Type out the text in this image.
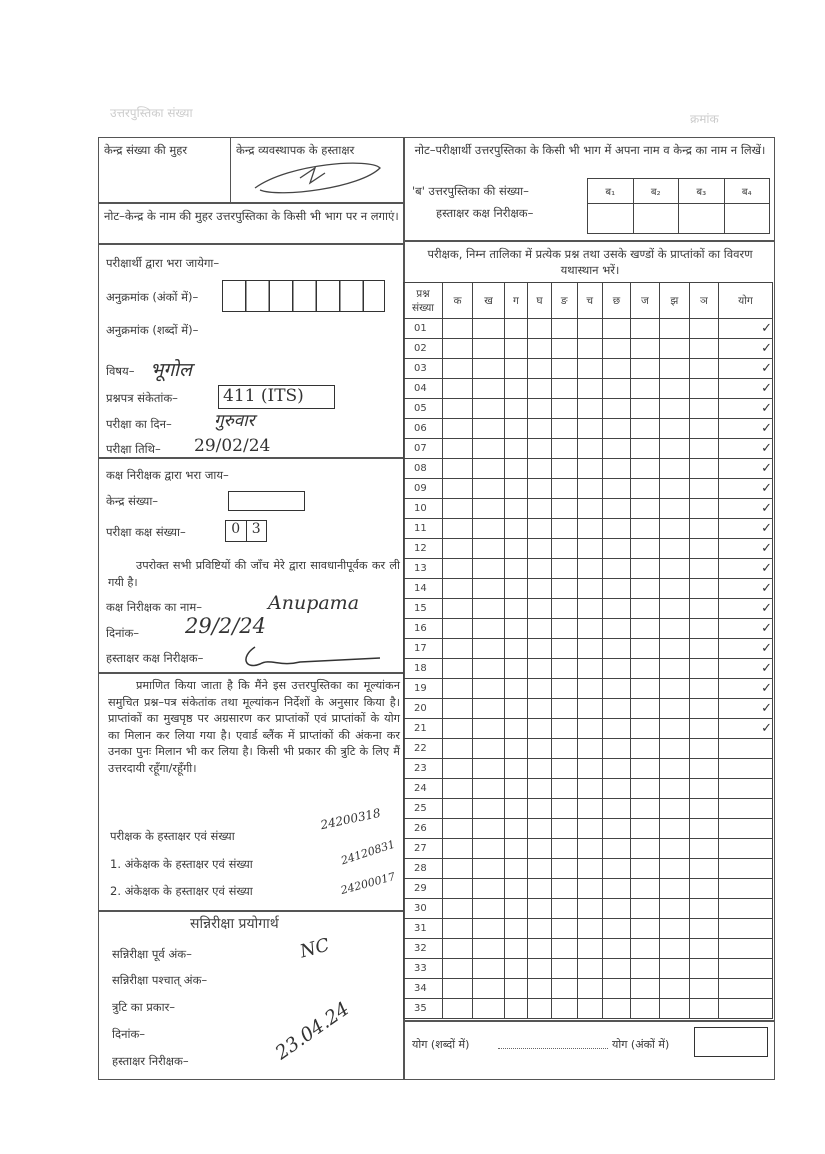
उत्तरपुस्तिका संख्या	क्रमांक
केन्द्र संख्या की मुहर	केन्द्र व्यवस्थापक के हस्ताक्षर
नोट–केन्द्र के नाम की मुहर उत्तरपुस्तिका के किसी भी भाग पर न लगाएं।
परीक्षार्थी द्वारा भरा जायेगा–
अनुक्रमांक (अंकों में)–
अनुक्रमांक (शब्दों में)–
विषय– भूगोल
प्रश्नपत्र संकेतांक–	411 (ITS)
परीक्षा का दिन– गुरुवार
परीक्षा तिथि– 29/02/24
कक्ष निरीक्षक द्वारा भरा जाय–
केन्द्र संख्या–
परीक्षा कक्ष संख्या–	0 3
उपरोक्त सभी प्रविष्टियों की जाँच मेरे द्वारा सावधानीपूर्वक कर ली गयी है।
कक्ष निरीक्षक का नाम–	Anupama
दिनांक– 29/2/24
हस्ताक्षर कक्ष निरीक्षक–
प्रमाणित किया जाता है कि मैंने इस उत्तरपुस्तिका का मूल्यांकन समुचित प्रश्न–पत्र संकेतांक तथा मूल्यांकन निर्देशों के अनुसार किया है। प्राप्तांकों का मुखपृष्ठ पर अग्रसारण कर प्राप्तांकों एवं प्राप्तांकों के योग का मिलान कर लिया गया है। एवार्ड ब्लैंक में प्राप्तांकों की अंकना कर उनका पुनः मिलान भी कर लिया है। किसी भी प्रकार की त्रुटि के लिए मैं उत्तरदायी रहूँगा/रहूँगी।
परीक्षक के हस्ताक्षर एवं संख्या
24200318
1. अंकेक्षक के हस्ताक्षर एवं संख्या	24120831
2. अंकेक्षक के हस्ताक्षर एवं संख्या	24200017
सन्निरीक्षा प्रयोगार्थ
सन्निरीक्षा पूर्व अंक–	NC
सन्निरीक्षा पश्चात् अंक–
त्रुटि का प्रकार–
दिनांक–	23.04.24
हस्ताक्षर निरीक्षक–
नोट–परीक्षार्थी उत्तरपुस्तिका के किसी भी भाग में अपना नाम व केन्द्र का नाम न लिखें।
'ब' उत्तरपुस्तिका की संख्या–
हस्ताक्षर कक्ष निरीक्षक–
ब₁	ब₂	ब₃	ब₄

परीक्षक, निम्न तालिका में प्रत्येक प्रश्न तथा उसके खण्डों के प्राप्तांकों का विवरण यथास्थान भरें।
प्रश्न संख्या	क	ख	ग	घ	ङ	च	छ	ज	झ	ञ	योग
01											✓
02											✓
03											✓
04											✓
05											✓
06											✓
07											✓
08											✓
09											✓
10											✓
11											✓
12											✓
13											✓
14											✓
15											✓
16											✓
17											✓
18											✓
19											✓
20											✓
21											✓
22											
23											
24											
25											
26											
27											
28											
29											
30											
31											
32											
33											
34											
35											
योग (शब्दों में)	योग (अंकों में)
